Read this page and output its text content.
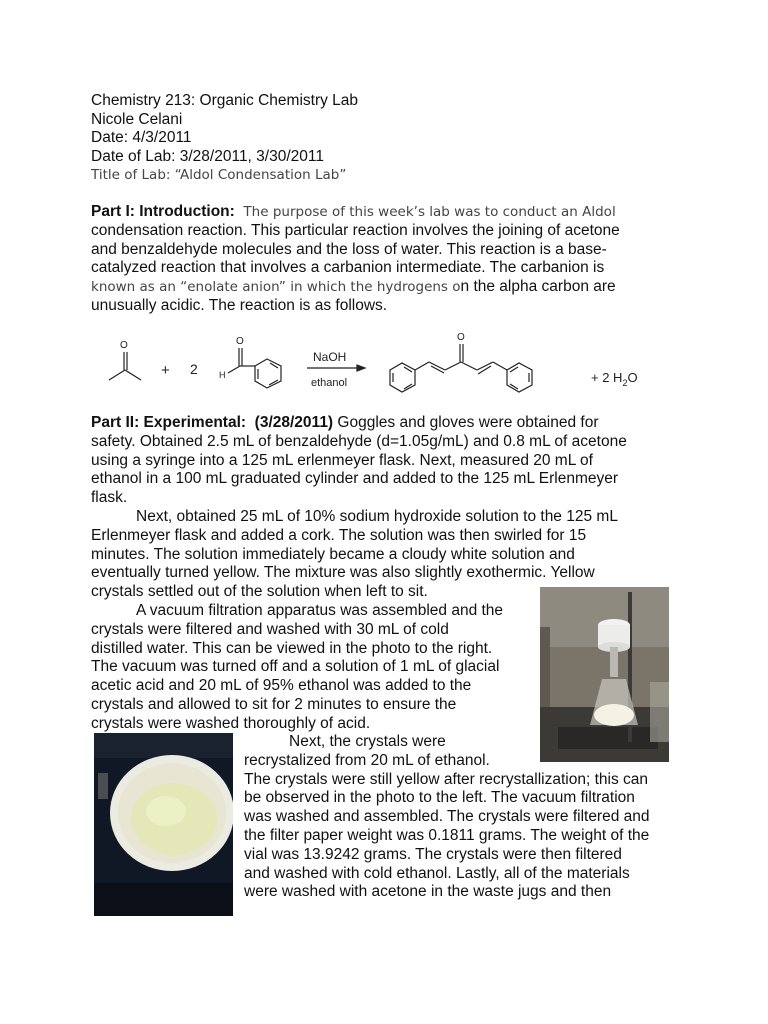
Chemistry 213: Organic Chemistry Lab
Nicole Celani
Date: 4/3/2011
Date of Lab: 3/28/2011, 3/30/2011
Title of Lab: “Aldol Condensation Lab”
Part I: Introduction: The purpose of this week’s lab was to conduct an Aldol
condensation reaction. This particular reaction involves the joining of acetone
and benzaldehyde molecules and the loss of water. This reaction is a base-
catalyzed reaction that involves a carbanion intermediate. The carbanion is
known as an “enolate anion” in which the hydrogens on the alpha carbon are
unusually acidic. The reaction is as follows.
O
+ 2 H
O
NaOH
ethanol
O
+ 2 $H_2O$
Part II: Experimental: (3/28/2011) Goggles and gloves were obtained for
safety. Obtained 2.5 mL of benzaldehyde (d=1.05g/mL) and 0.8 mL of acetone
using a syringe into a 125 mL erlenmeyer flask. Next, measured 20 mL of
ethanol in a 100 mL graduated cylinder and added to the 125 mL Erlenmeyer
flask.
Next, obtained 25 mL of 10% sodium hydroxide solution to the 125 mL
Erlenmeyer flask and added a cork. The solution was then swirled for 15
minutes. The solution immediately became a cloudy white solution and
eventually turned yellow. The mixture was also slightly exothermic. Yellow
crystals settled out of the solution when left to sit.
A vacuum filtration apparatus was assembled and the
crystals were filtered and washed with 30 mL of cold
distilled water. This can be viewed in the photo to the right.
The vacuum was turned off and a solution of 1 mL of glacial
acetic acid and 20 mL of 95% ethanol was added to the
crystals and allowed to sit for 2 minutes to ensure the
crystals were washed thoroughly of acid.
Next, the crystals were
recrystalized from 20 mL of ethanol.
The crystals were still yellow after recrystallization; this can
be observed in the photo to the left. The vacuum filtration
was washed and assembled. The crystals were filtered and
the filter paper weight was 0.1811 grams. The weight of the
vial was 13.9242 grams. The crystals were then filtered
and washed with cold ethanol. Lastly, all of the materials
were washed with acetone in the waste jugs and then
